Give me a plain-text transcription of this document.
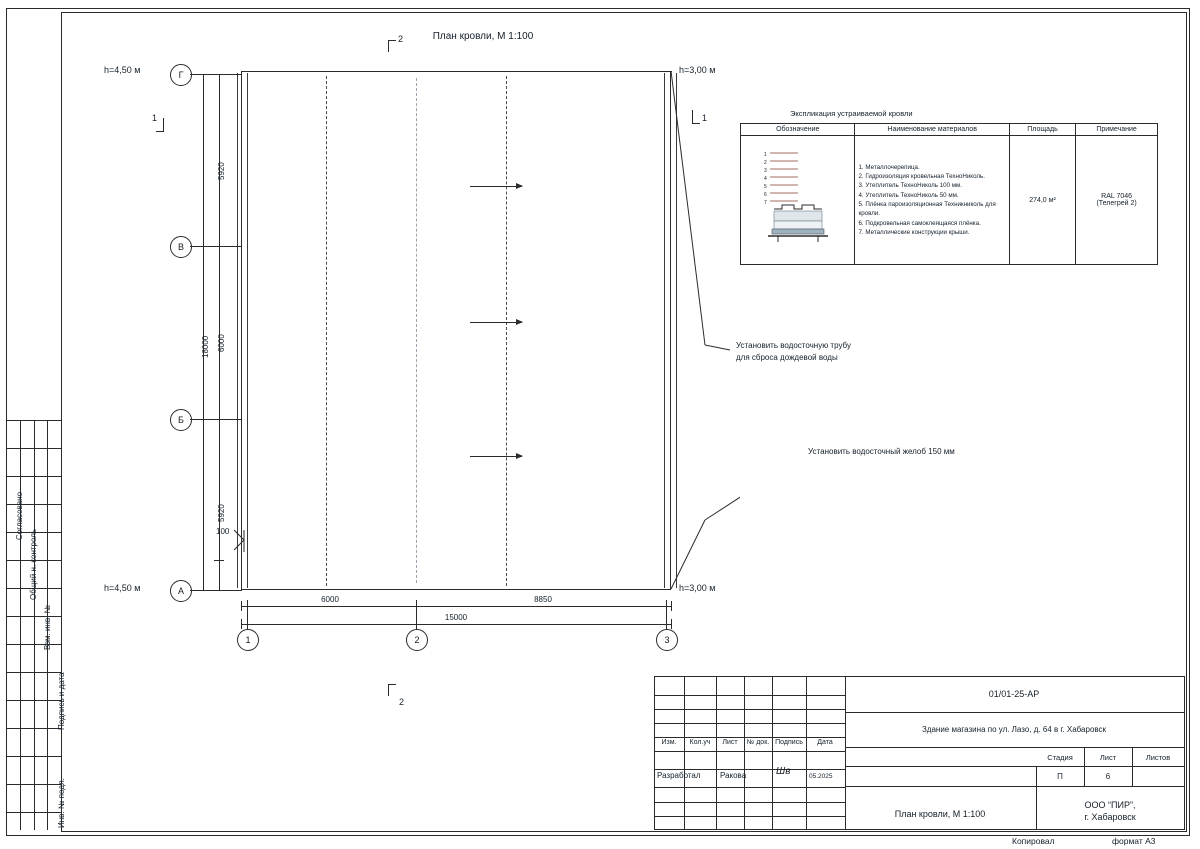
Согласовано
Общий н. контроль
Взм. инв. №
Подпись и дата
Инв. № подл.
План кровли, М 1:100
2
2
1	1
h=4,50 м	h=3,00 м
h=4,50 м	h=3,00 м
Г
В
Б
А
5920
6000
5920
100
18000
1	2	3
6000	8850
15000
Установить водосточную трубу
для сброса дождевой воды
Установить водосточный желоб 150 мм
Экспликация устраиваемой кровли
Обозначение	Наименование материалов	Площадь	Примечание

1
2
3
4
5
6
7

1. Металлочерепица.
2. Гидроизоляция кровельная ТехноНиколь.
3. Утеплитель ТехноНиколь 100 мм.
4. Утеплитель ТехноНиколь 50 мм.
5. Плёнка пароизоляционная Техникниколь для кровли.
6. Подкровельная самоклеящаяся плёнка.
7. Металлические конструкции крыши.
	274,0 м²	RAL 7046
(Телегрей 2)
Изм. Кол.уч Лист № док. Подпись Дата
Разработал Ракова	Шв	05.2025
01/01-25-АР
Здание магазина по ул. Лазо, д. 64 в г. Хабаровск
Стадия	Лист	Листов
П	6
План кровли, М 1:100
ООО “ПИР”,
г. Хабаровск
Копировал	формат А3
